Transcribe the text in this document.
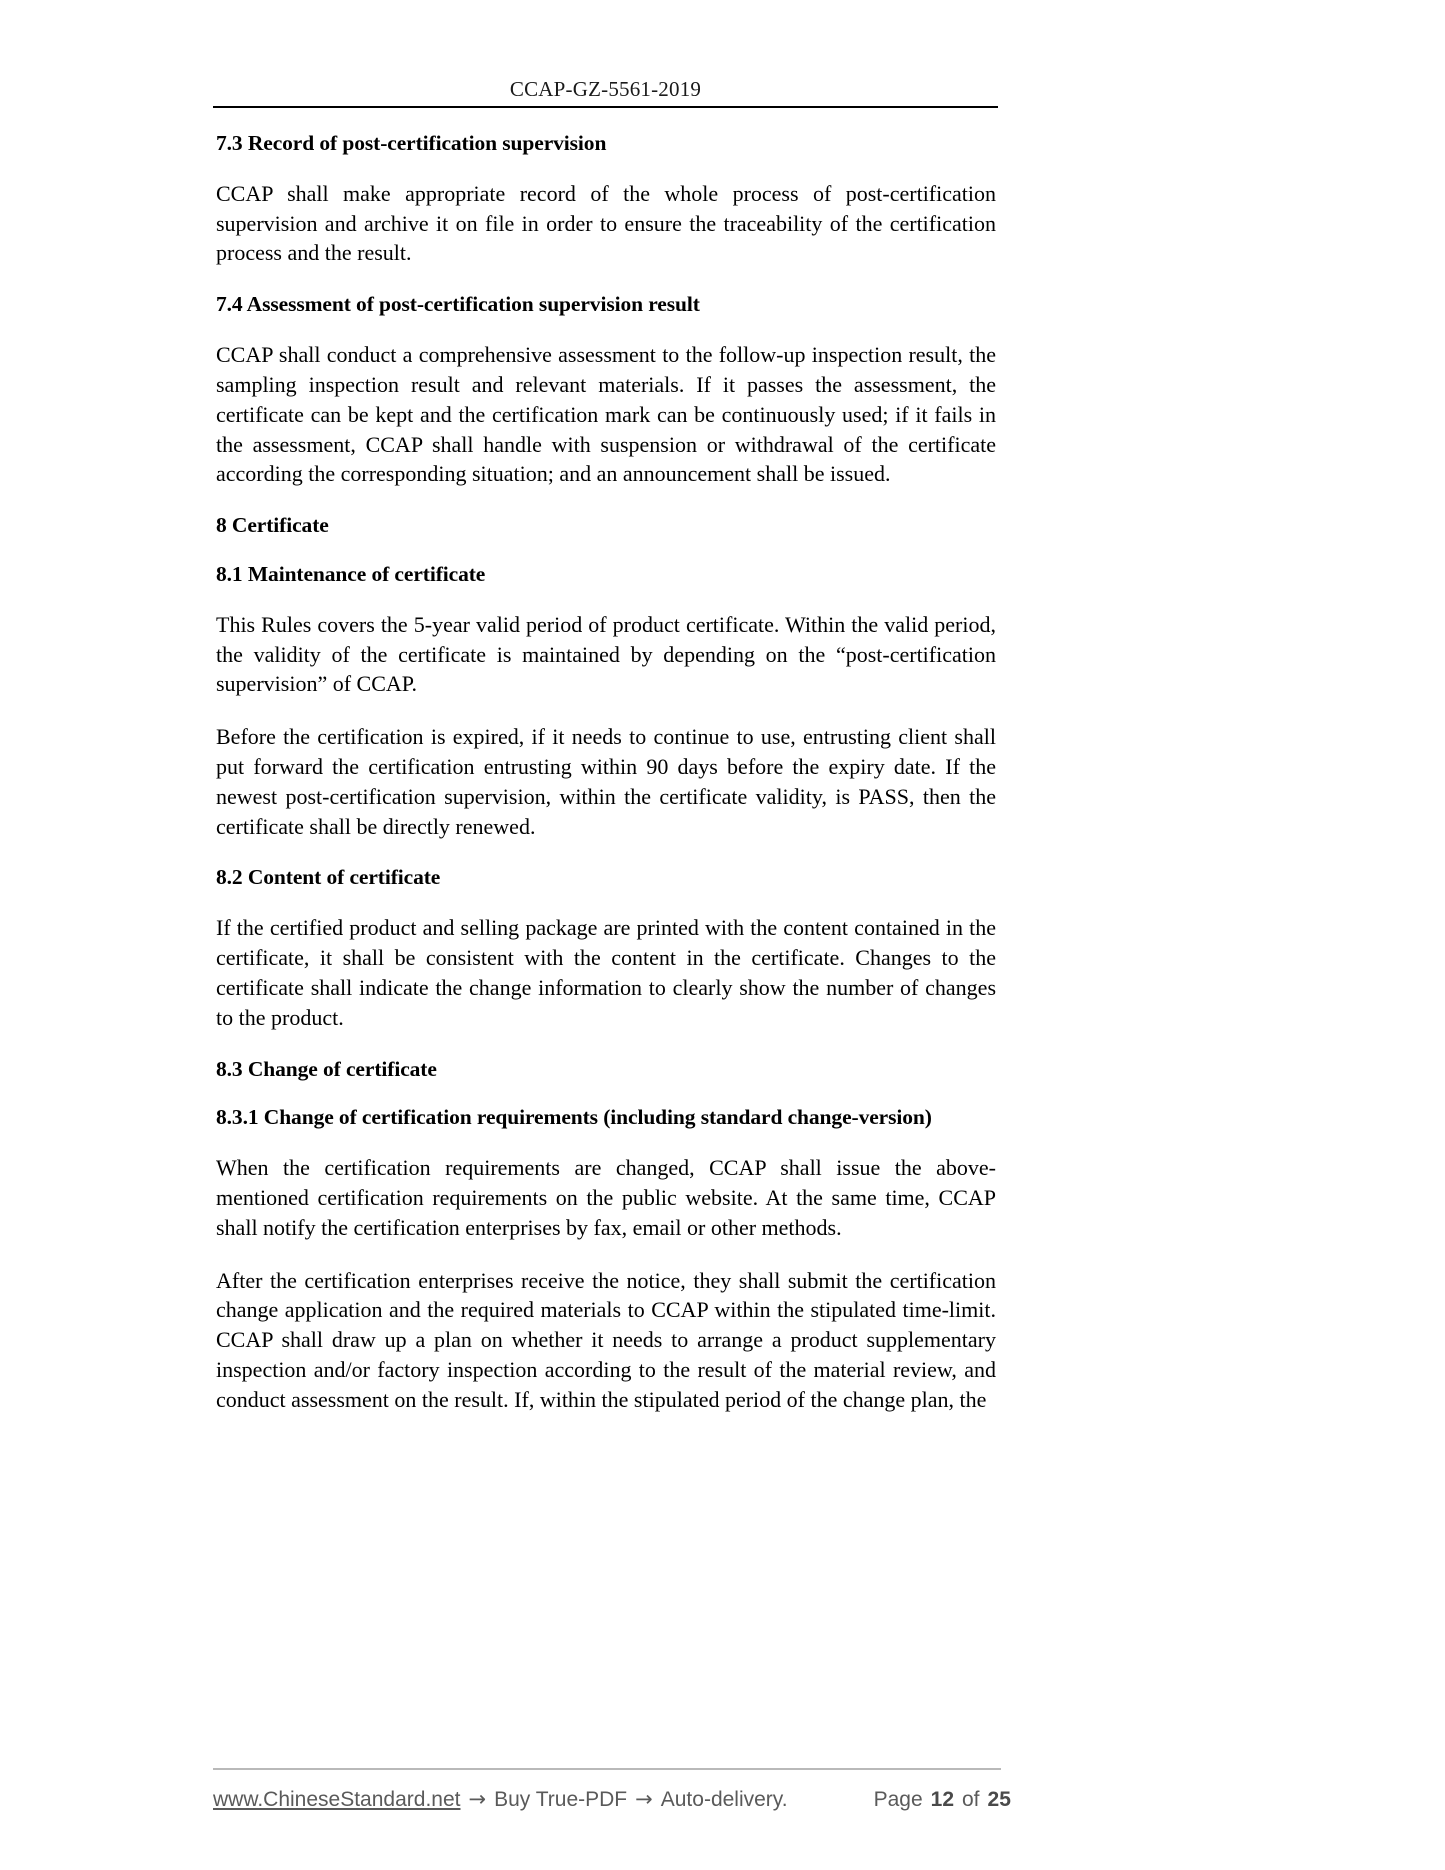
CCAP-GZ-5561-2019
7.3 Record of post-certification supervision

CCAP shall make appropriate record of the whole process of post-certification supervision and archive it on file in order to ensure the traceability of the certification process and the result.

7.4 Assessment of post-certification supervision result

CCAP shall conduct a comprehensive assessment to the follow-up inspection result, the sampling inspection result and relevant materials. If it passes the assessment, the certificate can be kept and the certification mark can be continuously used; if it fails in the assessment, CCAP shall handle with suspension or withdrawal of the certificate according the corresponding situation; and an announcement shall be issued.

8 Certificate
8.1 Maintenance of certificate

This Rules covers the 5-year valid period of product certificate. Within the valid period, the validity of the certificate is maintained by depending on the “post-certification supervision” of CCAP.

Before the certification is expired, if it needs to continue to use, entrusting client shall put forward the certification entrusting within 90 days before the expiry date. If the newest post-certification supervision, within the certificate validity, is PASS, then the certificate shall be directly renewed.

8.2 Content of certificate

If the certified product and selling package are printed with the content contained in the certificate, it shall be consistent with the content in the certificate. Changes to the certificate shall indicate the change information to clearly show the number of changes to the product.

8.3 Change of certificate
8.3.1 Change of certification requirements (including standard change-version)

When the certification requirements are changed, CCAP shall issue the above-mentioned certification requirements on the public website. At the same time, CCAP shall notify the certification enterprises by fax, email or other methods.

After the certification enterprises receive the notice, they shall submit the certification change application and the required materials to CCAP within the stipulated time-limit. CCAP shall draw up a plan on whether it needs to arrange a product supplementary inspection and/or factory inspection according to the result of the material review, and conduct assessment on the result. If, within the stipulated period of the change plan, the

www.ChineseStandard.net → Buy True-PDF → Auto-delivery.	Page 12 of 25
